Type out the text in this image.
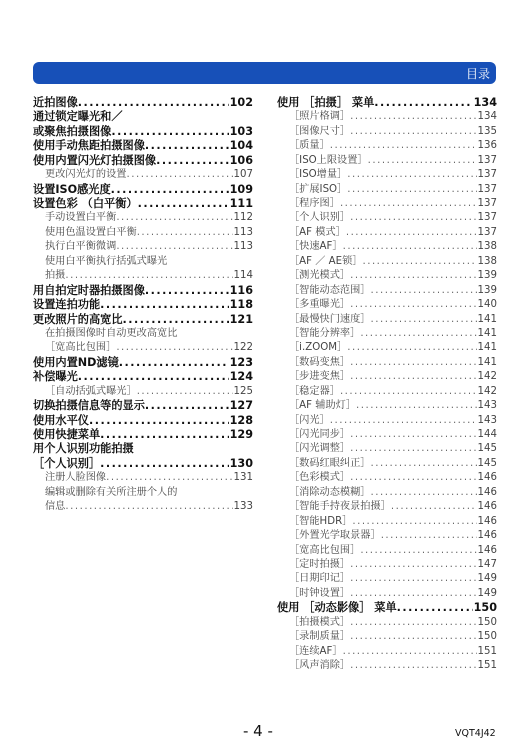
目录
近拍图像 .....	102
通过锁定曝光和／
或聚焦拍摄图像 .....	103
使用手动焦距拍摄图像 .....	104
使用内置闪光灯拍摄图像 .....	106
更改闪光灯的设置 .....	107
设置ISO感光度 .....	109
设置色彩 （白平衡） .....	111
手动设置白平衡 .....	112
使用色温设置白平衡 .....	113
执行白平衡微调 .....	113
使用白平衡执行括弧式曝光
拍摄 .....	114
用自拍定时器拍摄图像 .....	116
设置连拍功能 .....	118
更改照片的高宽比 .....	121
在拍摄图像时自动更改高宽比
［宽高比包围］ .....	122
使用内置ND滤镜 .....	123
补偿曝光 .....	124
［自动括弧式曝光］ .....	125
切换拍摄信息等的显示 .....	127
使用水平仪 .....	128
使用快捷菜单 .....	129
用个人识别功能拍摄
［个人识别］ .....	130
注册人脸图像 .....	131
编辑或删除有关所注册个人的
信息 .....	133
使用 ［拍摄］ 菜单 .....	134
［照片格调］ .....	134
［图像尺寸］ .....	135
［质量］ .....	136
［ISO上限设置］ .....	137
［ISO增量］ .....	137
［扩展ISO］ .....	137
［程序图］ .....	137
［个人识别］ .....	137
［AF 模式］ .....	137
［快速AF］ .....	138
［AF ／ AE锁］ .....	138
［测光模式］ .....	139
［智能动态范围］ .....	139
［多重曝光］ .....	140
［最慢快门速度］ .....	141
［智能分辨率］ .....	141
［i.ZOOM］ .....	141
［数码变焦］ .....	141
［步进变焦］ .....	142
［稳定器］ .....	142
［AF 辅助灯］ .....	143
［闪光］ .....	143
［闪光同步］ .....	144
［闪光调整］ .....	145
［数码红眼纠正］ .....	145
［色彩模式］ .....	146
［消除动态模糊］ .....	146
［智能手持夜景拍摄］ .....	146
［智能HDR］ .....	146
［外置光学取景器］ .....	146
［宽高比包围］ .....	146
［定时拍摄］ .....	147
［日期印记］ .....	149
［时钟设置］ .....	149
使用 ［动态影像］ 菜单 .....	150
［拍摄模式］ .....	150
［录制质量］ .....	150
［连续AF］ .....	151
［风声消除］ .....	151
- 4 -	VQT4J42
